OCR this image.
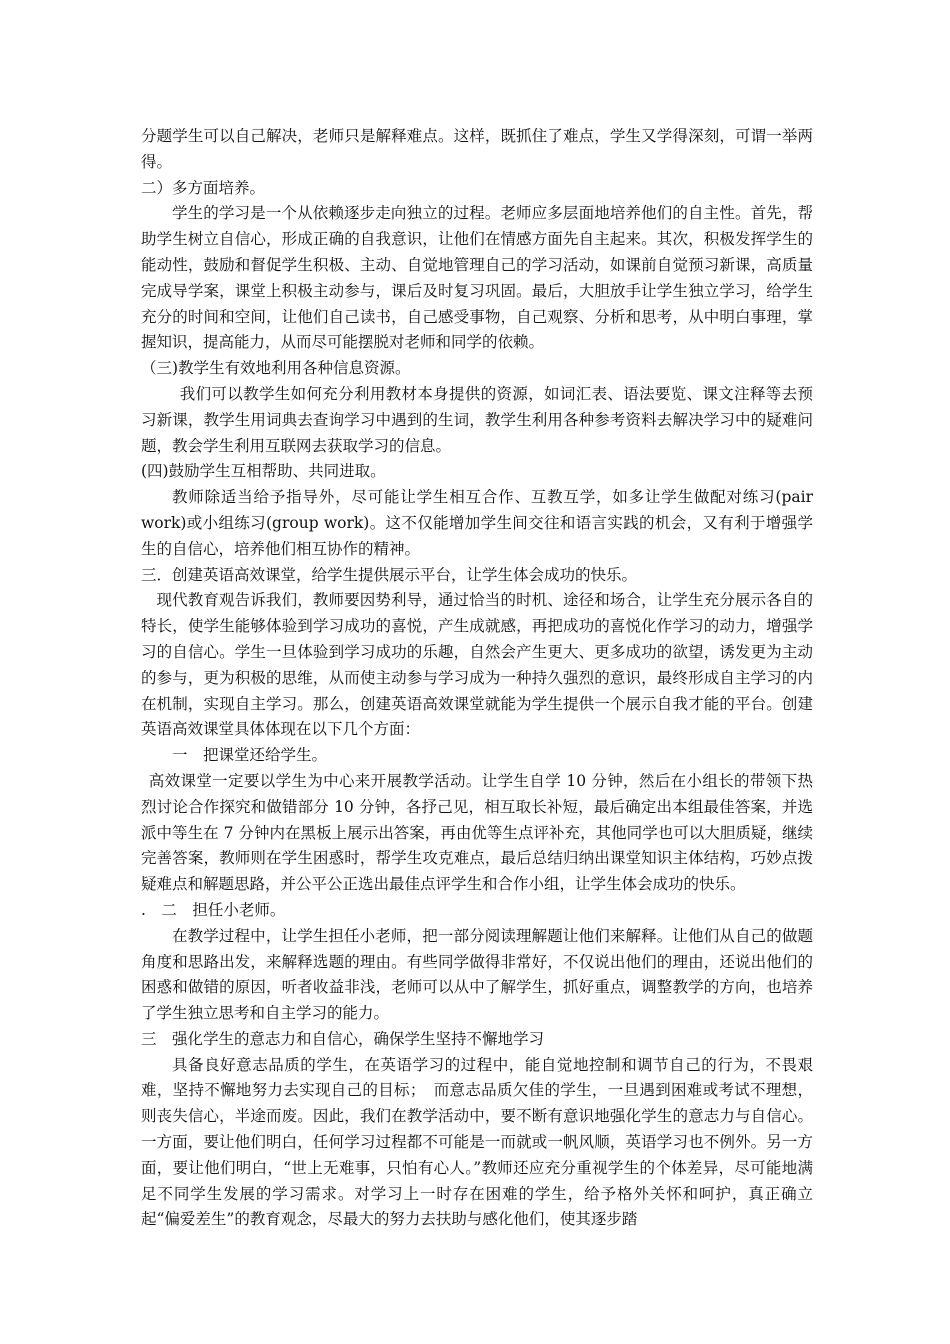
分题学生可以自己解决，老师只是解释难点。这样，既抓住了难点，学生又学得深刻，可谓一举两得。

二）多方面培养。

学生的学习是一个从依赖逐步走向独立的过程。老师应多层面地培养他们的自主性。首先，帮助学生树立自信心，形成正确的自我意识，让他们在情感方面先自主起来。其次，积极发挥学生的能动性，鼓励和督促学生积极、主动、自觉地管理自己的学习活动，如课前自觉预习新课，高质量完成导学案，课堂上积极主动参与，课后及时复习巩固。最后，大胆放手让学生独立学习，给学生充分的时间和空间，让他们自己读书，自己感受事物，自己观察、分析和思考，从中明白事理，掌握知识，提高能力，从而尽可能摆脱对老师和同学的依赖。

（三)教学生有效地利用各种信息资源。

我们可以教学生如何充分利用教材本身提供的资源，如词汇表、语法要览、课文注释等去预习新课，教学生用词典去查询学习中遇到的生词，教学生利用各种参考资料去解决学习中的疑难问题，教会学生利用互联网去获取学习的信息。

(四)鼓励学生互相帮助、共同进取。

教师除适当给予指导外，尽可能让学生相互合作、互教互学，如多让学生做配对练习(pair work)或小组练习(group work)。这不仅能增加学生间交往和语言实践的机会，又有利于增强学生的自信心，培养他们相互协作的精神。

三．创建英语高效课堂，给学生提供展示平台，让学生体会成功的快乐。

现代教育观告诉我们，教师要因势利导，通过恰当的时机、途径和场合，让学生充分展示各自的特长，使学生能够体验到学习成功的喜悦，产生成就感，再把成功的喜悦化作学习的动力，增强学习的自信心。学生一旦体验到学习成功的乐趣，自然会产生更大、更多成功的欲望，诱发更为主动的参与，更为积极的思维，从而使主动参与学习成为一种持久强烈的意识，最终形成自主学习的内在机制，实现自主学习。那么，创建英语高效课堂就能为学生提供一个展示自我才能的平台。创建英语高效课堂具体体现在以下几个方面：

一　把课堂还给学生。

高效课堂一定要以学生为中心来开展教学活动。让学生自学 10 分钟，然后在小组长的带领下热烈讨论合作探究和做错部分 10 分钟，各抒己见，相互取长补短，最后确定出本组最佳答案，并选派中等生在 7 分钟内在黑板上展示出答案，再由优等生点评补充，其他同学也可以大胆质疑，继续完善答案，教师则在学生困惑时，帮学生攻克难点，最后总结归纳出课堂知识主体结构，巧妙点拨疑难点和解题思路，并公平公正选出最佳点评学生和合作小组，让学生体会成功的快乐。

.　二　担任小老师。

在教学过程中，让学生担任小老师，把一部分阅读理解题让他们来解释。让他们从自己的做题角度和思路出发，来解释选题的理由。有些同学做得非常好，不仅说出他们的理由，还说出他们的困惑和做错的原因，听者收益非浅，老师可以从中了解学生，抓好重点，调整教学的方向，也培养了学生独立思考和自主学习的能力。

三　强化学生的意志力和自信心，确保学生坚持不懈地学习

具备良好意志品质的学生，在英语学习的过程中，能自觉地控制和调节自己的行为，不畏艰难，坚持不懈地努力去实现自己的目标；　而意志品质欠佳的学生，一旦遇到困难或考试不理想，则丧失信心，半途而废。因此，我们在教学活动中，要不断有意识地强化学生的意志力与自信心。一方面，要让他们明白，任何学习过程都不可能是一而就或一帆风顺，英语学习也不例外。另一方面，要让他们明白，“世上无难事，只怕有心人。”教师还应充分重视学生的个体差异，尽可能地满足不同学生发展的学习需求。对学习上一时存在困难的学生，给予格外关怀和呵护，真正确立起“偏爱差生”的教育观念，尽最大的努力去扶助与感化他们，使其逐步踏
